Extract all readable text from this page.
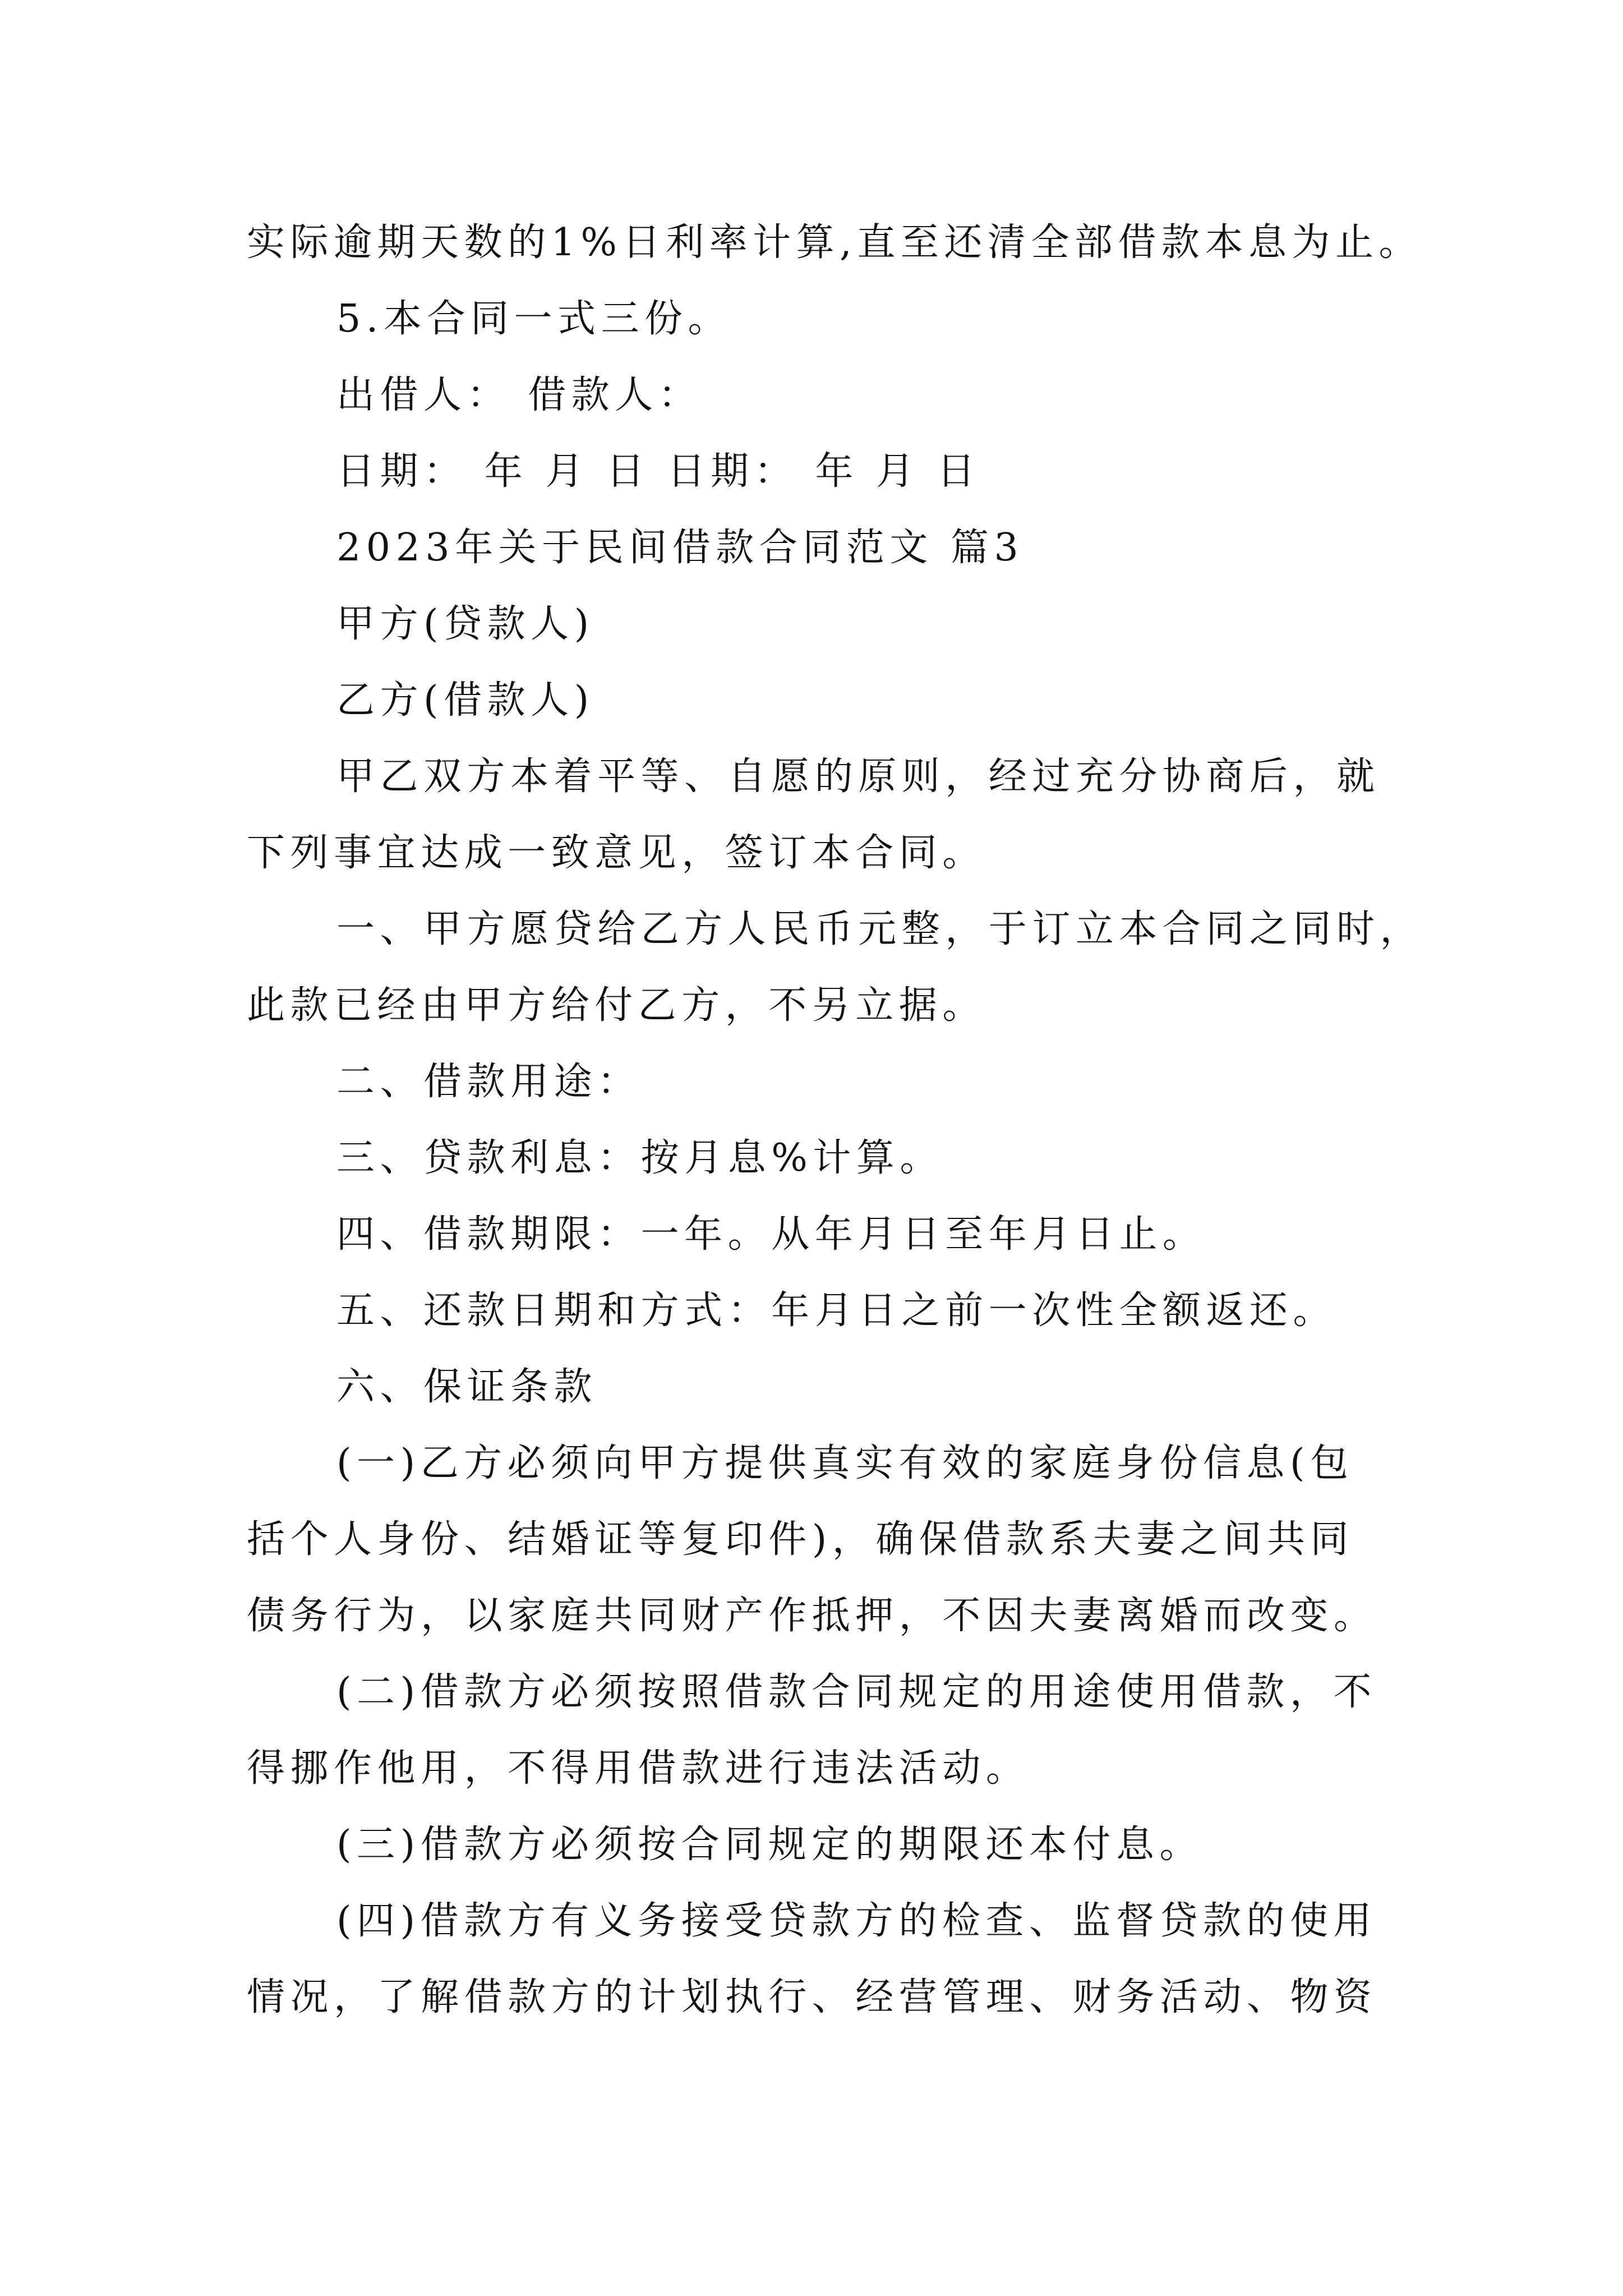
实际逾期天数的1%日利率计算,直至还清全部借款本息为止。
5.本合同一式三份。
出借人： 借款人：
日期： 年 月 日 日期： 年 月 日
2023年关于民间借款合同范文 篇3
甲方(贷款人)
乙方(借款人)
甲乙双方本着平等、自愿的原则，经过充分协商后，就
下列事宜达成一致意见，签订本合同。
一、甲方愿贷给乙方人民币元整，于订立本合同之同时，
此款已经由甲方给付乙方，不另立据。
二、借款用途：
三、贷款利息：按月息%计算。
四、借款期限：一年。从年月日至年月日止。
五、还款日期和方式：年月日之前一次性全额返还。
六、保证条款
(一)乙方必须向甲方提供真实有效的家庭身份信息(包
括个人身份、结婚证等复印件)，确保借款系夫妻之间共同
债务行为，以家庭共同财产作抵押，不因夫妻离婚而改变。
(二)借款方必须按照借款合同规定的用途使用借款，不
得挪作他用，不得用借款进行违法活动。
(三)借款方必须按合同规定的期限还本付息。
(四)借款方有义务接受贷款方的检查、监督贷款的使用
情况，了解借款方的计划执行、经营管理、财务活动、物资
